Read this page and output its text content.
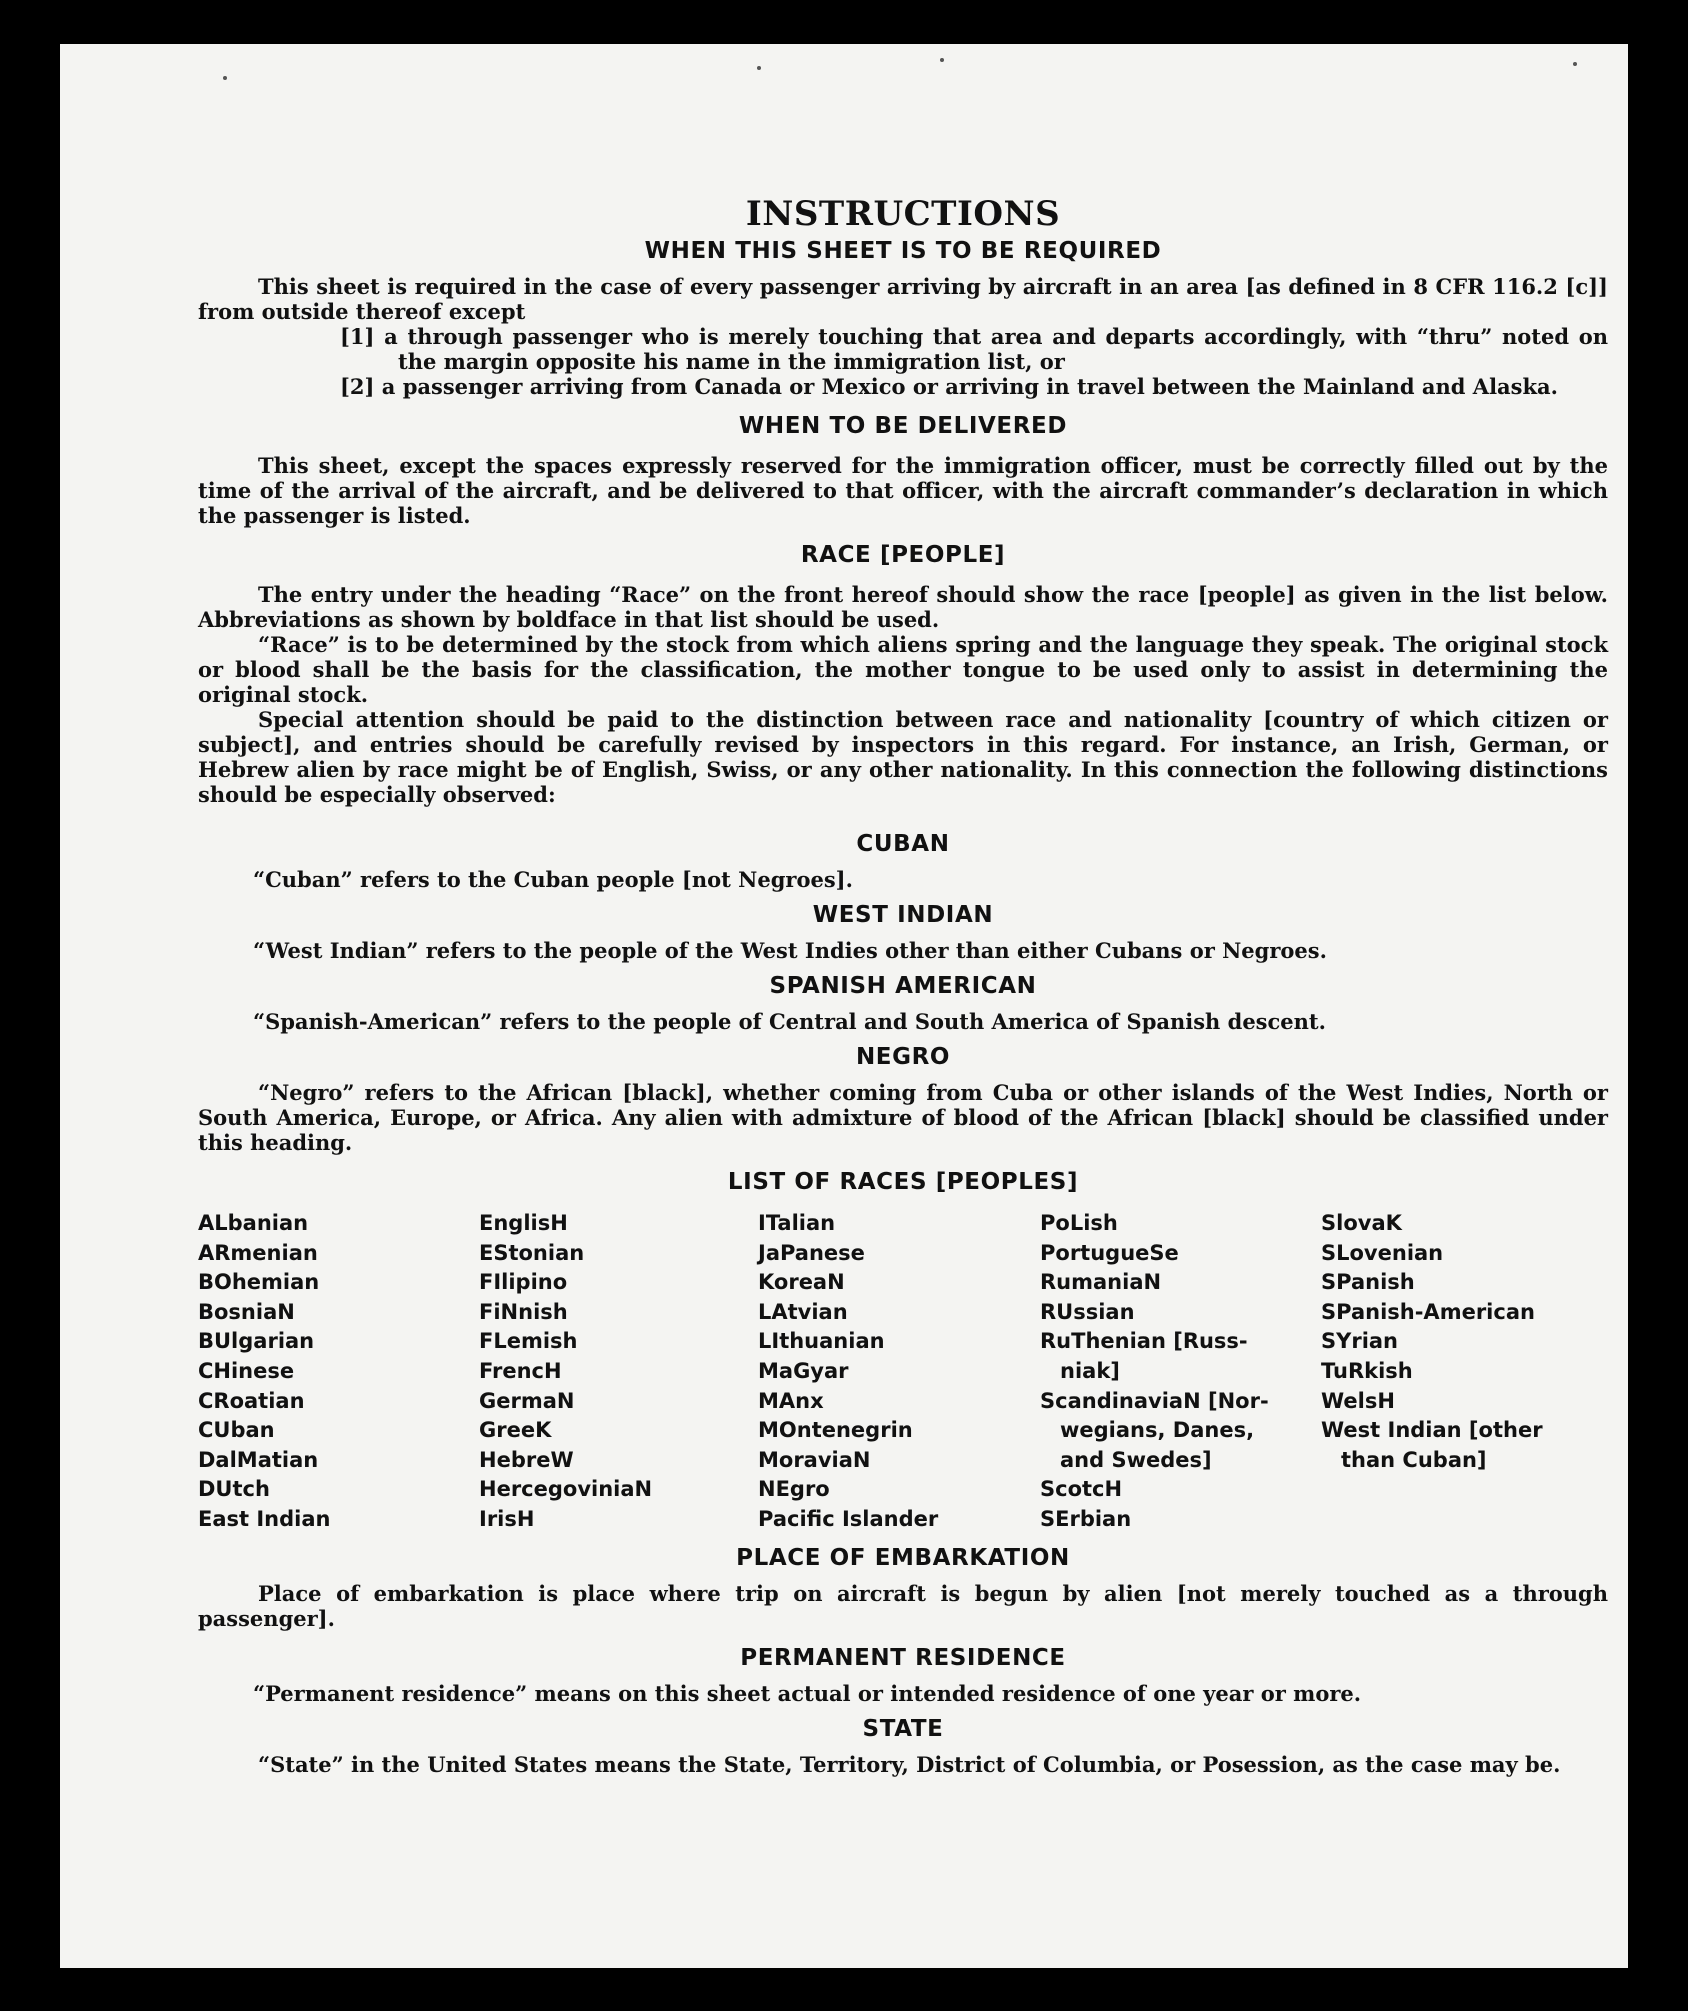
INSTRUCTIONS
WHEN THIS SHEET IS TO BE REQUIRED

This sheet is required in the case of every passenger arriving by aircraft in an area [as defined in 8 CFR 116.2 [c]] from outside thereof except

[1] a through passenger who is merely touching that area and departs accordingly, with “thru” noted on the margin opposite his name in the immigration list, or

[2] a passenger arriving from Canada or Mexico or arriving in travel between the Mainland and Alaska.

WHEN TO BE DELIVERED

This sheet, except the spaces expressly reserved for the immigration officer, must be correctly filled out by the time of the arrival of the aircraft, and be delivered to that officer, with the aircraft commander’s declaration in which the passenger is listed.

RACE [PEOPLE]

The entry under the heading “Race” on the front hereof should show the race [people] as given in the list below. Abbreviations as shown by boldface in that list should be used.

“Race” is to be determined by the stock from which aliens spring and the language they speak. The original stock or blood shall be the basis for the classification, the mother tongue to be used only to assist in determining the original stock.

Special attention should be paid to the distinction between race and nationality [country of which citizen or subject], and entries should be carefully revised by inspectors in this regard. For instance, an Irish, German, or Hebrew alien by race might be of English, Swiss, or any other nationality. In this connection the following distinctions should be especially observed:

CUBAN

“Cuban” refers to the Cuban people [not Negroes].

WEST INDIAN

“West Indian” refers to the people of the West Indies other than either Cubans or Negroes.

SPANISH AMERICAN

“Spanish-American” refers to the people of Central and South America of Spanish descent.

NEGRO

“Negro” refers to the African [black], whether coming from Cuba or other islands of the West Indies, North or South America, Europe, or Africa. Any alien with admixture of blood of the African [black] should be classified under this heading.

LIST OF RACES [PEOPLES]
ALbanian
ARmenian
BOhemian
BosniaN
BUlgarian
CHinese
CRoatian
CUban
DalMatian
DUtch
East Indian
EnglisH
EStonian
FIlipino
FiNnish
FLemish
FrencH
GermaN
GreeK
HebreW
HercegoviniaN
IrisH
ITalian
JaPanese
KoreaN
LAtvian
LIthuanian
MaGyar
MAnx
MOntenegrin
MoraviaN
NEgro
Pacific Islander
PoLish
PortugueSe
RumaniaN
RUssian
RuThenian [Russ-
niak]
ScandinaviaN [Nor-
wegians, Danes,
and Swedes]
ScotcH
SErbian
SlovaK
SLovenian
SPanish
SPanish-American
SYrian
TuRkish
WelsH
West Indian [other
than Cuban]
PLACE OF EMBARKATION

Place of embarkation is place where trip on aircraft is begun by alien [not merely touched as a through passenger].

PERMANENT RESIDENCE

“Permanent residence” means on this sheet actual or intended residence of one year or more.

STATE

“State” in the United States means the State, Territory, District of Columbia, or Posession, as the case may be.
